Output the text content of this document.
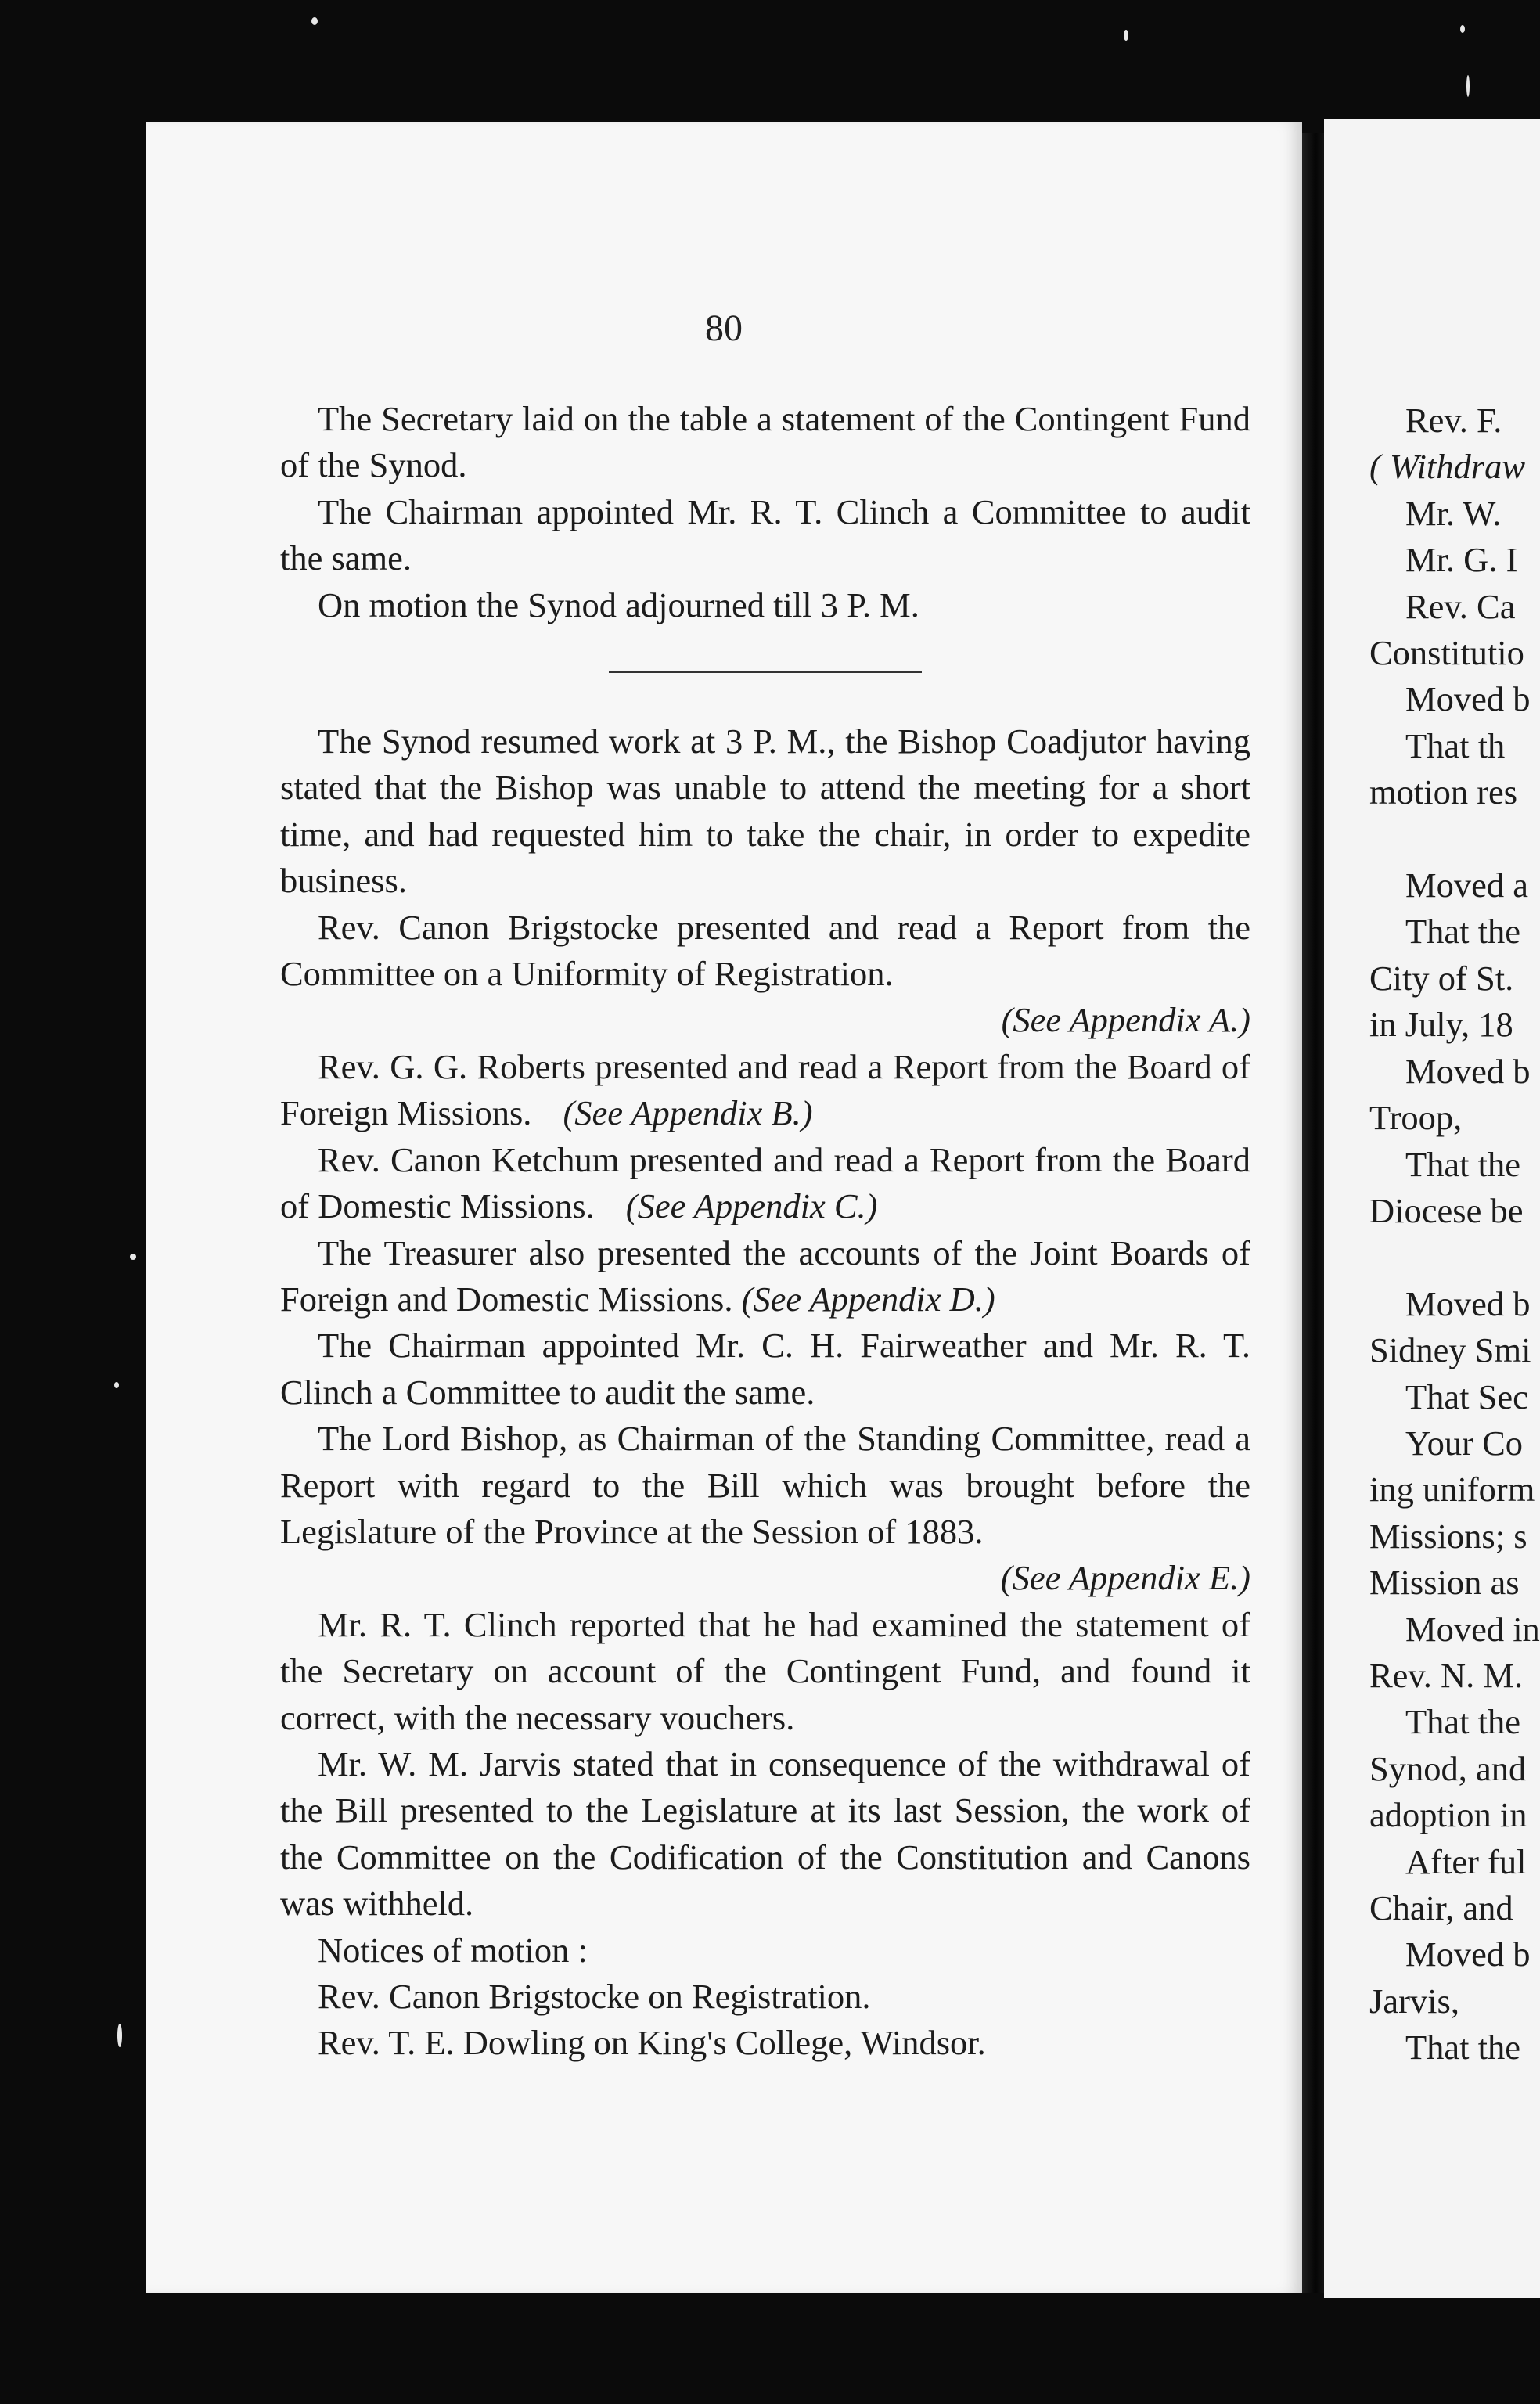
80

The Secretary laid on the table a statement of the Contingent Fund of the Synod.

The Chairman appointed Mr. R. T. Clinch a Committee to audit the same.

On motion the Synod adjourned till 3 P. M.

The Synod resumed work at 3 P. M., the Bishop Coadjutor having stated that the Bishop was unable to attend the meeting for a short time, and had requested him to take the chair, in order to expedite business.

Rev. Canon Brigstocke presented and read a Report from the Committee on a Uniformity of Registration.

(See Appendix A.)

Rev. G. G. Roberts presented and read a Report from the Board of Foreign Missions. (See Appendix B.)

Rev. Canon Ketchum presented and read a Report from the Board of Domestic Missions. (See Appendix C.)

The Treasurer also presented the accounts of the Joint Boards of Foreign and Domestic Missions. (See Appendix D.)

The Chairman appointed Mr. C. H. Fairweather and Mr. R. T. Clinch a Committee to audit the same.

The Lord Bishop, as Chairman of the Standing Committee, read a Report with regard to the Bill which was brought before the Legislature of the Province at the Session of 1883.

(See Appendix E.)

Mr. R. T. Clinch reported that he had examined the statement of the Secretary on account of the Contingent Fund, and found it correct, with the necessary vouchers.

Mr. W. M. Jarvis stated that in consequence of the withdrawal of the Bill presented to the Legislature at its last Session, the work of the Committee on the Codification of the Constitution and Canons was withheld.

Notices of motion :

Rev. Canon Brigstocke on Registration.

Rev. T. E. Dowling on King's College, Windsor.

Rev. F.

( Withdraw

Mr. W.

Mr. G. I

Rev. Ca

Constitutio

Moved b

That th

motion res

Moved a

That the

City of St.

in July, 18

Moved b

Troop,

That the

Diocese be

Moved b

Sidney Smi

That Sec

Your Co

ing uniform

Missions; s

Mission as

Moved in

Rev. N. M.

That the

Synod, and

adoption in

After ful

Chair, and

Moved b

Jarvis,

That the
